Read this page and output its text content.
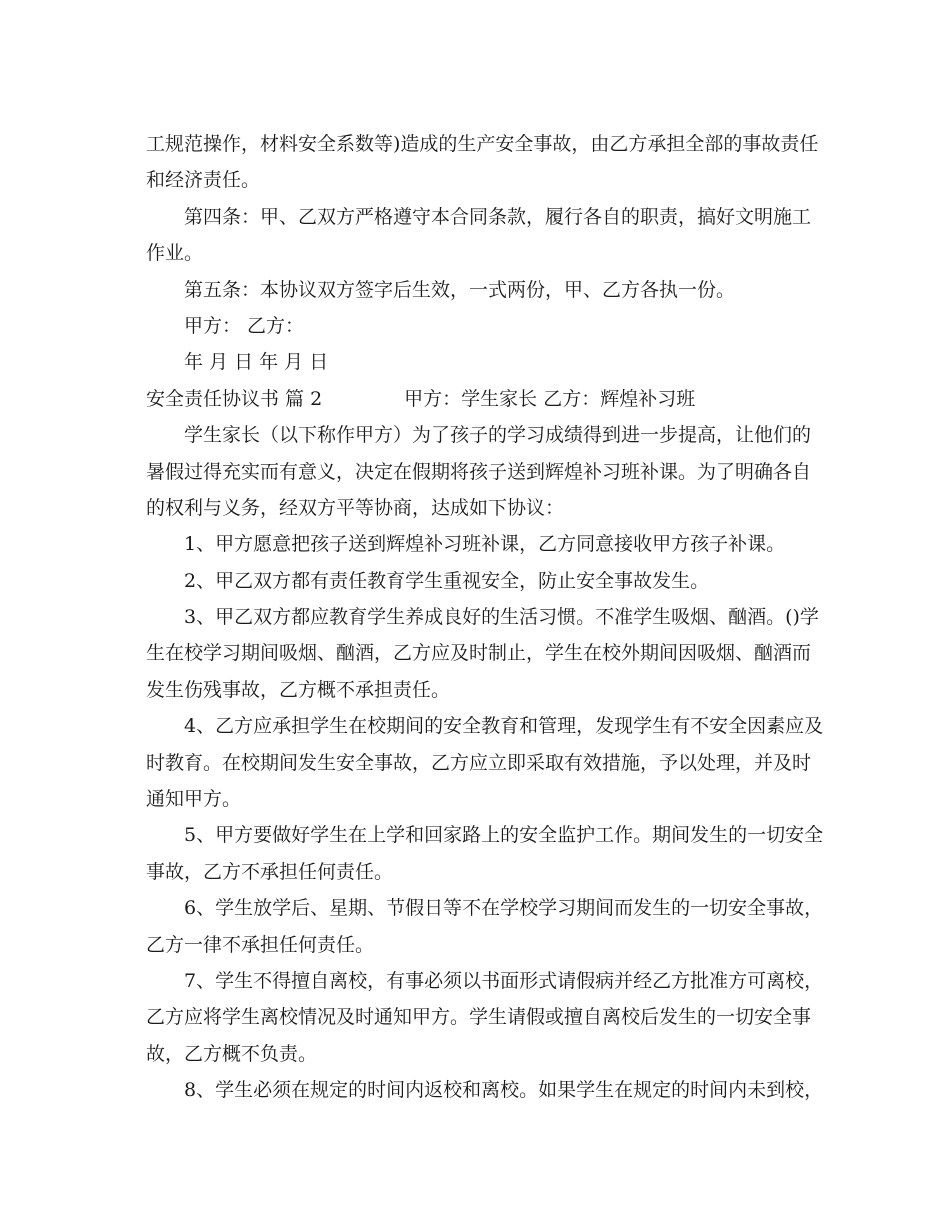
工规范操作，材料安全系数等)造成的生产安全事故，由乙方承担全部的事故责任
和经济责任。
第四条：甲、乙双方严格遵守本合同条款，履行各自的职责，搞好文明施工
作业。
第五条：本协议双方签字后生效，一式两份，甲、乙方各执一份。
甲方： 乙方：
年 月 日 年 月 日
安全责任协议书 篇 2	甲方：学生家长 乙方：辉煌补习班
学生家长（以下称作甲方）为了孩子的学习成绩得到进一步提高，让他们的
暑假过得充实而有意义，决定在假期将孩子送到辉煌补习班补课。为了明确各自
的权利与义务，经双方平等协商，达成如下协议：
1、甲方愿意把孩子送到辉煌补习班补课，乙方同意接收甲方孩子补课。
2、甲乙双方都有责任教育学生重视安全，防止安全事故发生。
3、甲乙双方都应教育学生养成良好的生活习惯。不准学生吸烟、酗酒。()学
生在校学习期间吸烟、酗酒，乙方应及时制止，学生在校外期间因吸烟、酗酒而
发生伤残事故，乙方概不承担责任。
4、乙方应承担学生在校期间的安全教育和管理，发现学生有不安全因素应及
时教育。在校期间发生安全事故，乙方应立即采取有效措施，予以处理，并及时
通知甲方。
5、甲方要做好学生在上学和回家路上的安全监护工作。期间发生的一切安全
事故，乙方不承担任何责任。
6、学生放学后、星期、节假日等不在学校学习期间而发生的一切安全事故，
乙方一律不承担任何责任。
7、学生不得擅自离校，有事必须以书面形式请假病并经乙方批准方可离校，
乙方应将学生离校情况及时通知甲方。学生请假或擅自离校后发生的一切安全事
故，乙方概不负责。
8、学生必须在规定的时间内返校和离校。如果学生在规定的时间内未到校，
